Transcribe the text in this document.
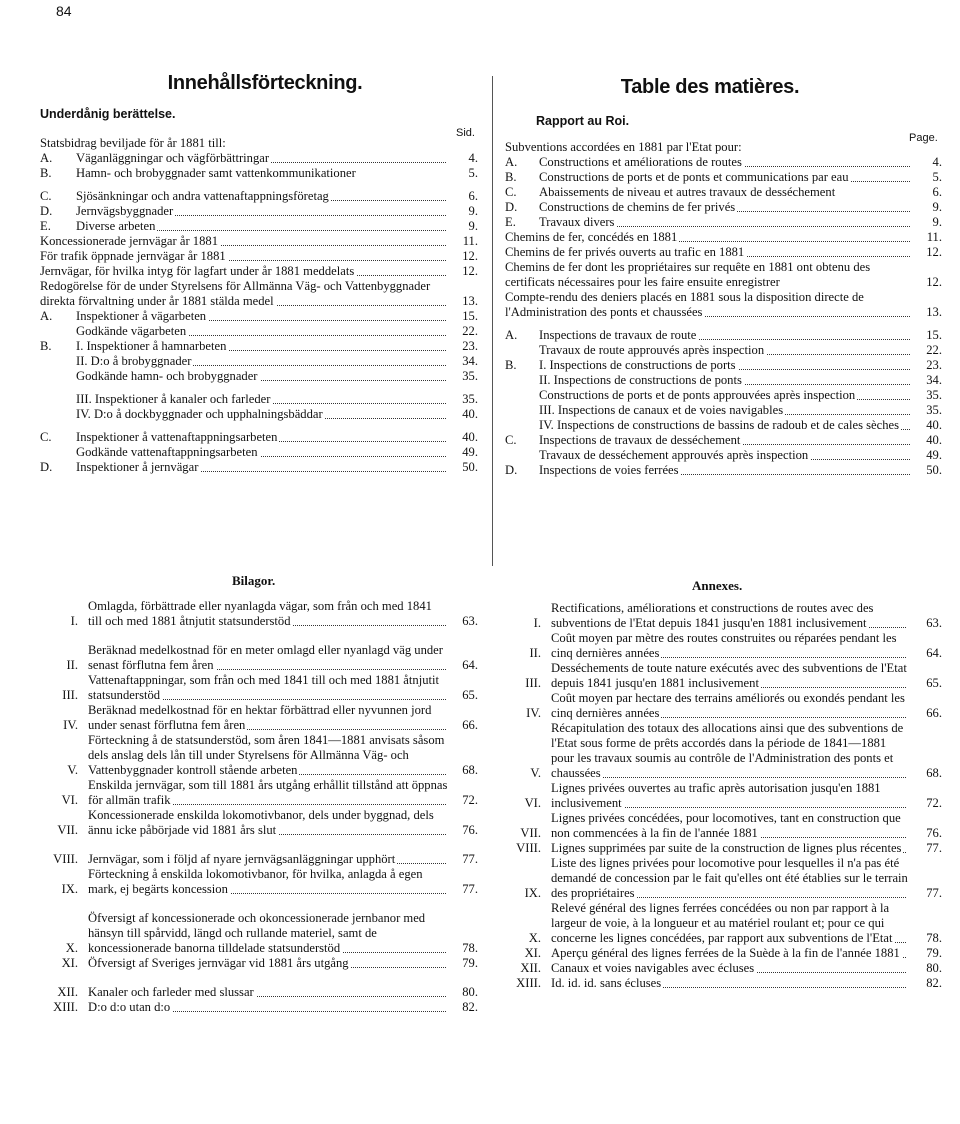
84
Innehållsförteckning.
Underdånig berättelse.
Sid.
Statsbidrag beviljade för år 1881 till:
A.	Väganläggningar och vägförbättringar	4.
B.	Hamn- och brobyggnader samt vattenkommunikationer	5.
C.	Sjösänkningar och andra vattenaftappningsföretag	6.
D.	Jernvägsbyggnader	9.
E.	Diverse arbeten	9.
Koncessionerade jernvägar år 1881	11.
För trafik öppnade jernvägar år 1881	12.
Jernvägar, för hvilka intyg för lagfart under år 1881 meddelats	12.
Redogörelse för de under Styrelsens för Allmänna Väg- och Vattenbyggnader direkta förvaltning under år 1881 stälda medel	13.
A.	Inspektioner å vägarbeten	15.
Godkände vägarbeten	22.
B.	I. Inspektioner å hamnarbeten	23.
II. D:o å brobyggnader	34.
Godkände hamn- och brobyggnader	35.
III. Inspektioner å kanaler och farleder	35.
IV. D:o å dockbyggnader och upphalningsbäddar	40.
C.	Inspektioner å vattenaftappningsarbeten	40.
Godkände vattenaftappningsarbeten	49.
D.	Inspektioner å jernvägar	50.
Bilagor.
I.
Omlagda, förbättrade eller nyanlagda vägar, som från och med 1841 till och med 1881 åtnjutit statsunderstöd	63.
II.
Beräknad medelkostnad för en meter omlagd eller nyanlagd väg under senast förflutna fem åren	64.
III.
Vattenaftappningar, som från och med 1841 till och med 1881 åtnjutit statsunderstöd	65.
IV.
Beräknad medelkostnad för en hektar förbättrad eller nyvunnen jord under senast förflutna fem åren	66.
V.
Förteckning å de statsunderstöd, som åren 1841—1881 anvisats såsom dels anslag dels lån till under Styrelsens för Allmänna Väg- och Vattenbyggnader kontroll stående arbeten	68.
VI.
Enskilda jernvägar, som till 1881 års utgång erhållit tillstånd att öppnas för allmän trafik	72.
VII.
Koncessionerade enskilda lokomotivbanor, dels under byggnad, dels ännu icke påbörjade vid 1881 års slut	76.
VIII. Jernvägar, som i följd af nyare jernvägsanläggningar upphört	77.
IX.
Förteckning å enskilda lokomotivbanor, för hvilka, anlagda å egen mark, ej begärts koncession	77.
X.
Öfversigt af koncessionerade och okoncessionerade jernbanor med hänsyn till spårvidd, längd och rullande materiel, samt de koncessionerade banorna tilldelade statsunderstöd	78.
XI. Öfversigt af Sveriges jernvägar vid 1881 års utgång	79.
XII. Kanaler och farleder med slussar	80.
XIII. D:o d:o utan d:o	82.
Table des matières.
Rapport au Roi.
Page.
Subventions accordées en 1881 par l'Etat pour:
A.	Constructions et améliorations de routes	4.
B.	Constructions de ports et de ponts et communications par eau	5.
C.	Abaissements de niveau et autres travaux de desséchement	6.
D.	Constructions de chemins de fer privés	9.
E.	Travaux divers	9.
Chemins de fer, concédés en 1881	11.
Chemins de fer privés ouverts au trafic en 1881	12.
Chemins de fer dont les propriétaires sur requête en 1881 ont obtenu des certificats nécessaires pour les faire ensuite enregistrer	12.
Compte-rendu des deniers placés en 1881 sous la disposition directe de l'Administration des ponts et chaussées	13.
A.	Inspections de travaux de route	15.
Travaux de route approuvés après inspection	22.
B.	I. Inspections de constructions de ports	23.
II. Inspections de constructions de ponts	34.
Constructions de ports et de ponts approuvées après inspection	35.
III. Inspections de canaux et de voies navigables	35.
IV. Inspections de constructions de bassins de radoub et de cales sèches	40.
C.	Inspections de travaux de desséchement	40.
Travaux de desséchement approuvés après inspection	49.
D.	Inspections de voies ferrées	50.
Annexes.
I.
Rectifications, améliorations et constructions de routes avec des subventions de l'Etat depuis 1841 jusqu'en 1881 inclusivement	63.
II.
Coût moyen par mètre des routes construites ou réparées pendant les cinq dernières années	64.
III.
Desséchements de toute nature exécutés avec des subventions de l'Etat depuis 1841 jusqu'en 1881 inclusivement	65.
IV.
Coût moyen par hectare des terrains améliorés ou exondés pendant les cinq dernières années	66.
V.
Récapitulation des totaux des allocations ainsi que des subventions de l'Etat sous forme de prêts accordés dans la période de 1841—1881 pour les travaux soumis au contrôle de l'Administration des ponts et chaussées	68.
VI.
Lignes privées ouvertes au trafic après autorisation jusqu'en 1881 inclusivement	72.
VII.
Lignes privées concédées, pour locomotives, tant en construction que non commencées à la fin de l'année 1881	76.
VIII. Lignes supprimées par suite de la construction de lignes plus récentes	77.
IX.
Liste des lignes privées pour locomotive pour lesquelles il n'a pas été demandé de concession par le fait qu'elles ont été établies sur le terrain des propriétaires	77.
X.
Relevé général des lignes ferrées concédées ou non par rapport à la largeur de voie, à la longueur et au matériel roulant et; pour ce qui concerne les lignes concédées, par rapport aux subventions de l'Etat	78.
XI. Aperçu général des lignes ferrées de la Suède à la fin de l'année 1881	79.
XII. Canaux et voies navigables avec écluses	80.
XIII. Id. id. id. sans écluses	82.
